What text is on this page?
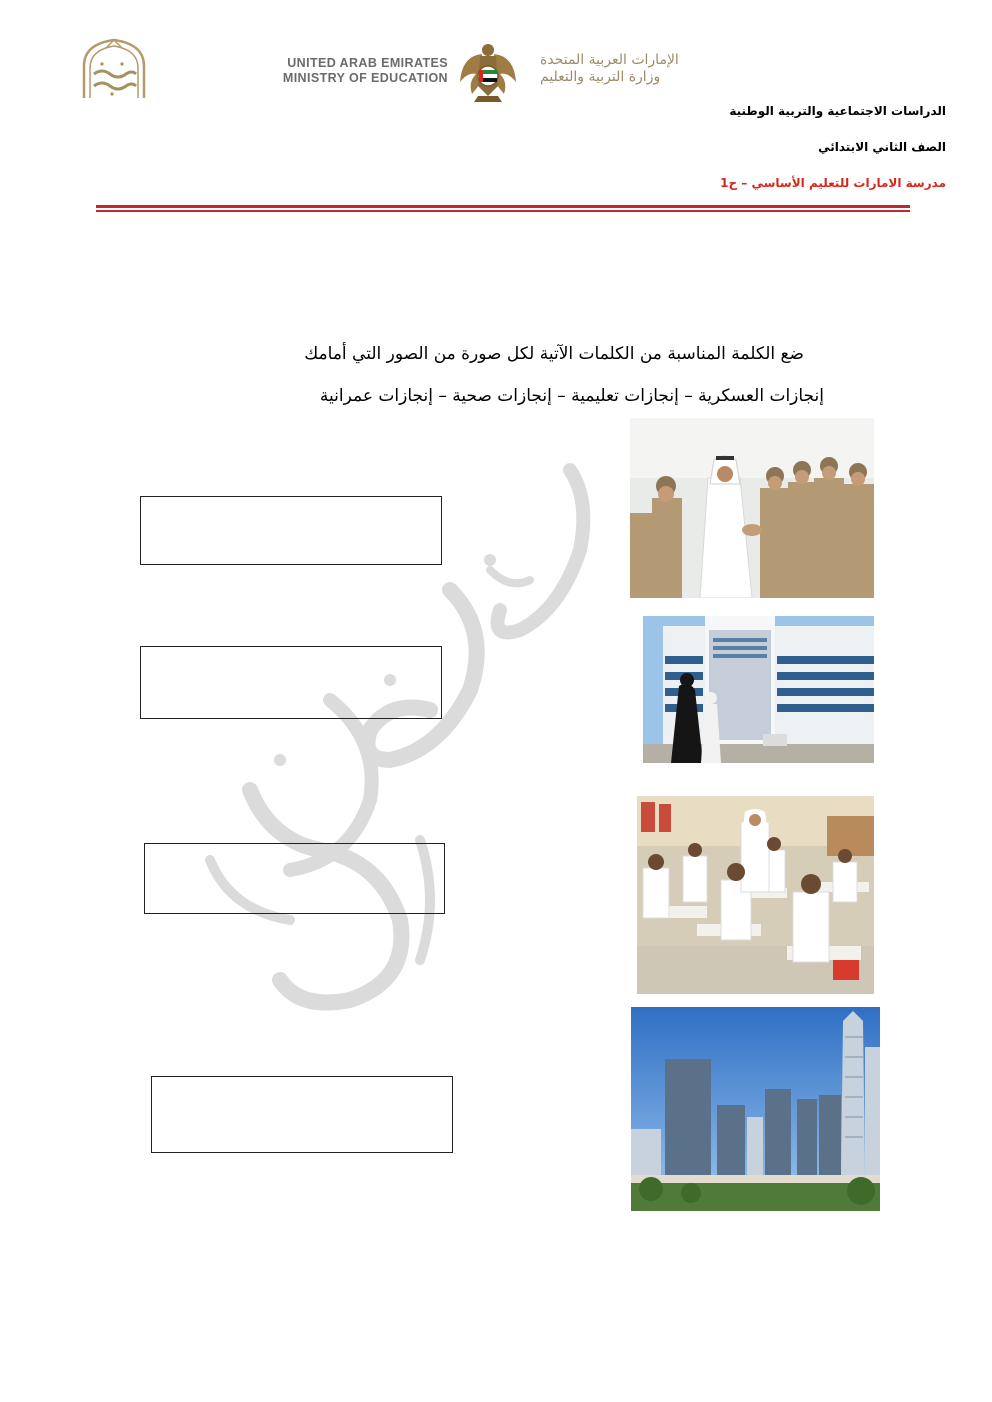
UNITED ARAB EMIRATES
MINISTRY OF EDUCATION
الإمارات العربية المتحدة
وزارة التربية والتعليم
الدراسات الاجتماعية والتربية الوطنية
الصف الثاني الابتدائي
مدرسة الامارات للتعليم الأساسي – ح1
ضع الكلمة المناسبة من الكلمات الآتية لكل صورة من الصور التي أمامك
إنجازات العسكرية – إنجازات تعليمية – إنجازات صحية – إنجازات عمرانية
